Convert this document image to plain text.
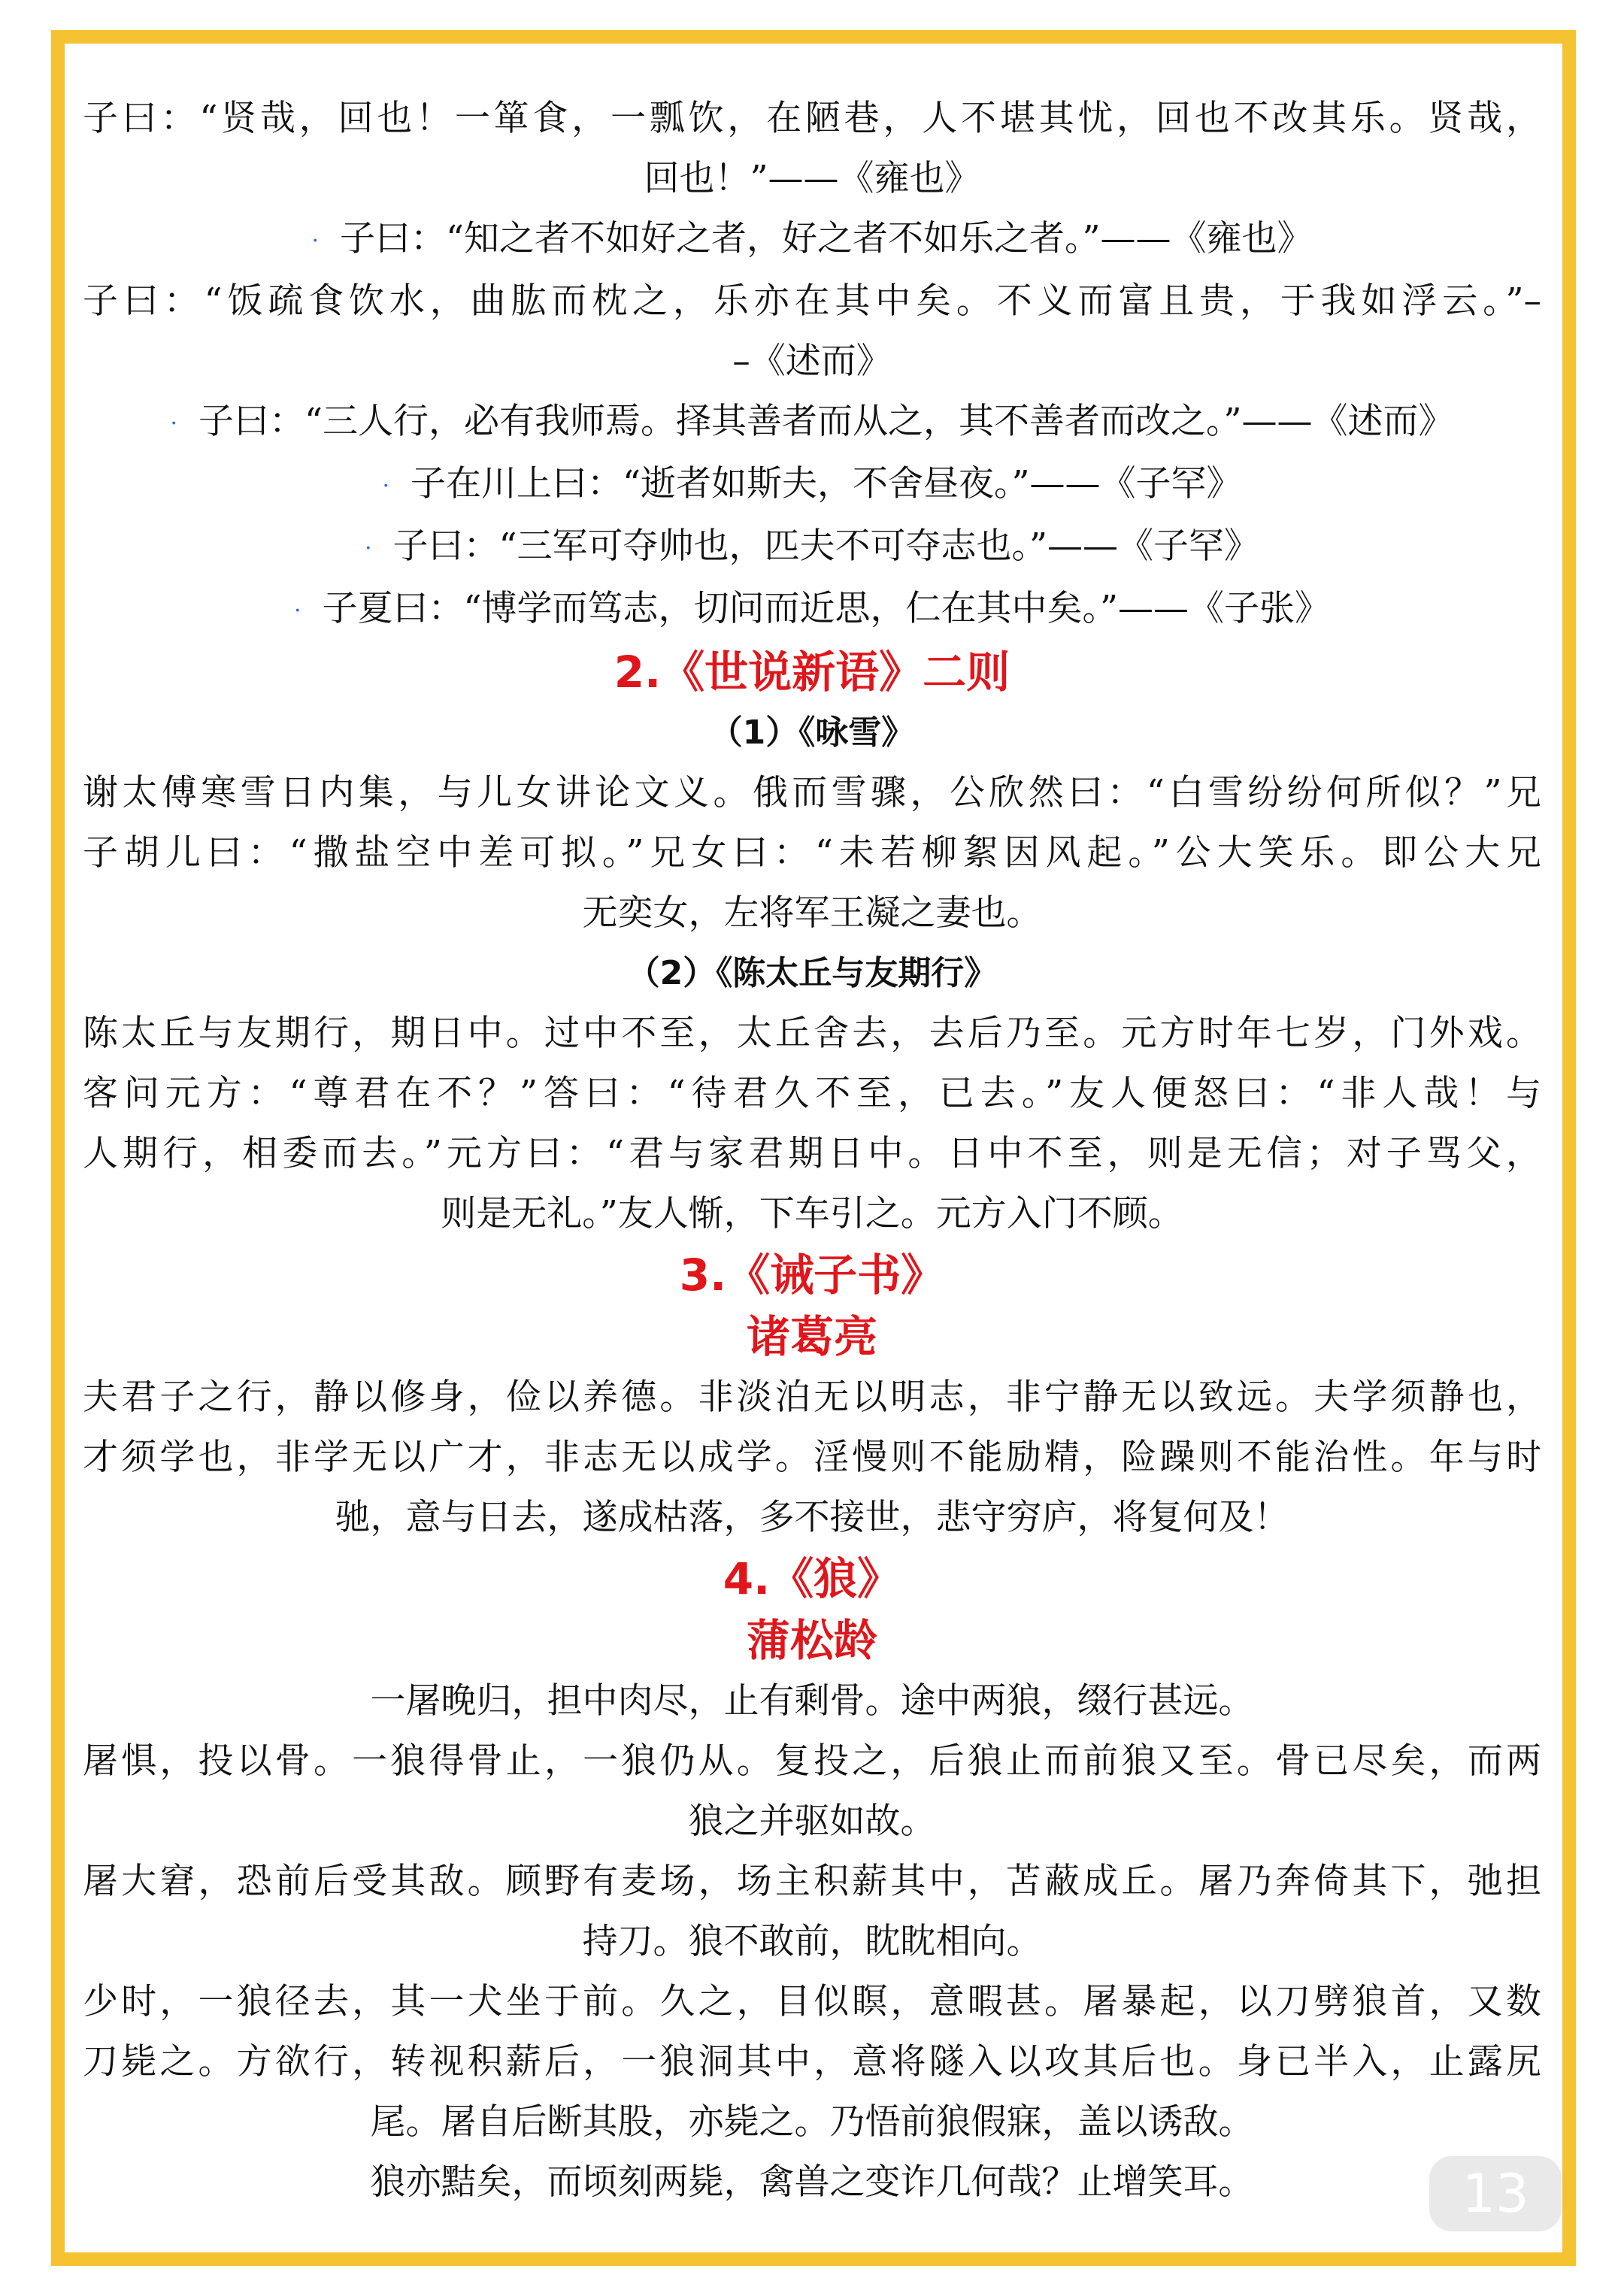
子曰：“贤哉，回也！一箪食，一瓢饮，在陋巷，人不堪其忧，回也不改其乐。贤哉，
回也！”——《雍也》
· 子曰：“知之者不如好之者，好之者不如乐之者。”——《雍也》
子曰：“饭疏食饮水，曲肱而枕之，乐亦在其中矣。不义而富且贵，于我如浮云。”–
–《述而》
· 子曰：“三人行，必有我师焉。择其善者而从之，其不善者而改之。”——《述而》
· 子在川上曰：“逝者如斯夫，不舍昼夜。”——《子罕》
· 子曰：“三军可夺帅也，匹夫不可夺志也。”——《子罕》
· 子夏曰：“博学而笃志，切问而近思，仁在其中矣。”——《子张》
2.《世说新语》二则
（1）《咏雪》
谢太傅寒雪日内集，与儿女讲论文义。俄而雪骤，公欣然曰：“白雪纷纷何所似？”兄
子胡儿曰：“撒盐空中差可拟。”兄女曰：“未若柳絮因风起。”公大笑乐。即公大兄
无奕女，左将军王凝之妻也。
（2）《陈太丘与友期行》
陈太丘与友期行，期日中。过中不至，太丘舍去，去后乃至。元方时年七岁，门外戏。
客问元方：“尊君在不？”答曰：“待君久不至，已去。”友人便怒曰：“非人哉！与
人期行，相委而去。”元方曰：“君与家君期日中。日中不至，则是无信；对子骂父，
则是无礼。”友人惭，下车引之。元方入门不顾。
3.《诫子书》
诸葛亮
夫君子之行，静以修身，俭以养德。非淡泊无以明志，非宁静无以致远。夫学须静也，
才须学也，非学无以广才，非志无以成学。淫慢则不能励精，险躁则不能治性。年与时
驰，意与日去，遂成枯落，多不接世，悲守穷庐，将复何及！
4.《狼》
蒲松龄
一屠晚归，担中肉尽，止有剩骨。途中两狼，缀行甚远。
屠惧，投以骨。一狼得骨止，一狼仍从。复投之，后狼止而前狼又至。骨已尽矣，而两
狼之并驱如故。
屠大窘，恐前后受其敌。顾野有麦场，场主积薪其中，苫蔽成丘。屠乃奔倚其下，弛担
持刀。狼不敢前，眈眈相向。
少时，一狼径去，其一犬坐于前。久之，目似瞑，意暇甚。屠暴起，以刀劈狼首，又数
刀毙之。方欲行，转视积薪后，一狼洞其中，意将隧入以攻其后也。身已半入，止露尻
尾。屠自后断其股，亦毙之。乃悟前狼假寐，盖以诱敌。
狼亦黠矣，而顷刻两毙，禽兽之变诈几何哉？止增笑耳。	13
